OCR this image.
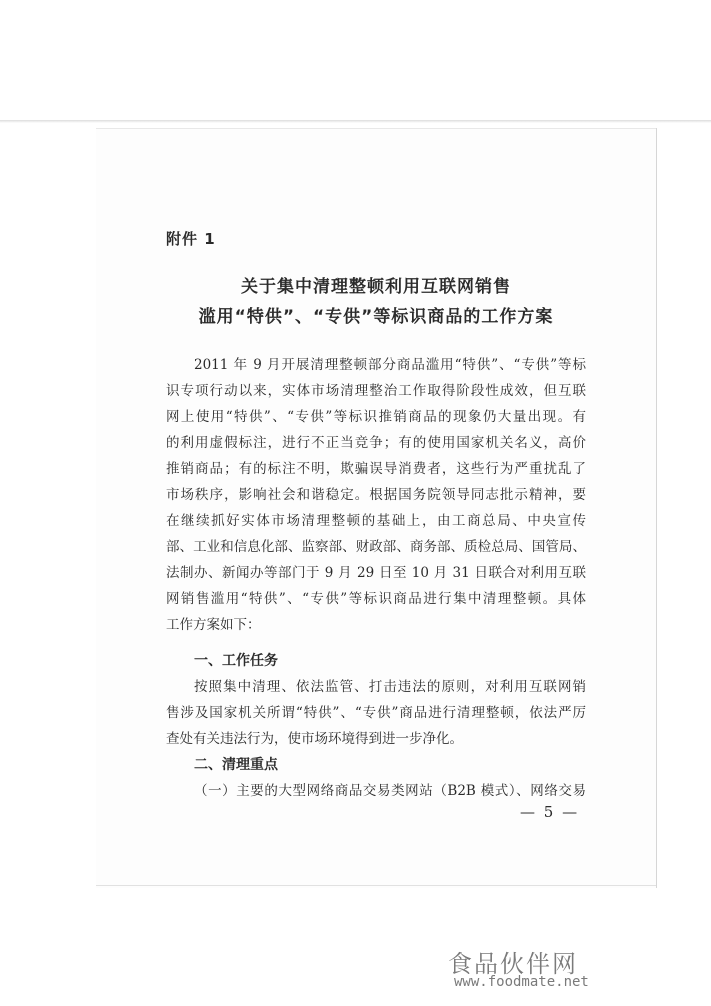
附件 1
关于集中清理整顿利用互联网销售
滥用“特供”、“专供”等标识商品的工作方案
2011 年 9 月开展清理整顿部分商品滥用“特供”、“专供”等标
识专项行动以来，实体市场清理整治工作取得阶段性成效，但互联
网上使用“特供”、“专供”等标识推销商品的现象仍大量出现。有
的利用虚假标注，进行不正当竞争；有的使用国家机关名义，高价
推销商品；有的标注不明，欺骗误导消费者，这些行为严重扰乱了
市场秩序，影响社会和谐稳定。根据国务院领导同志批示精神，要
在继续抓好实体市场清理整顿的基础上，由工商总局、中央宣传
部、工业和信息化部、监察部、财政部、商务部、质检总局、国管局、
法制办、新闻办等部门于 9 月 29 日至 10 月 31 日联合对利用互联
网销售滥用“特供”、“专供”等标识商品进行集中清理整顿。具体
工作方案如下：
一、工作任务
按照集中清理、依法监管、打击违法的原则，对利用互联网销
售涉及国家机关所谓“特供”、“专供”商品进行清理整顿，依法严厉
查处有关违法行为，使市场环境得到进一步净化。
二、清理重点
（一）主要的大型网络商品交易类网站（B2B 模式）、网络交易
— 5 —
食品伙伴网
www.foodmate.net
